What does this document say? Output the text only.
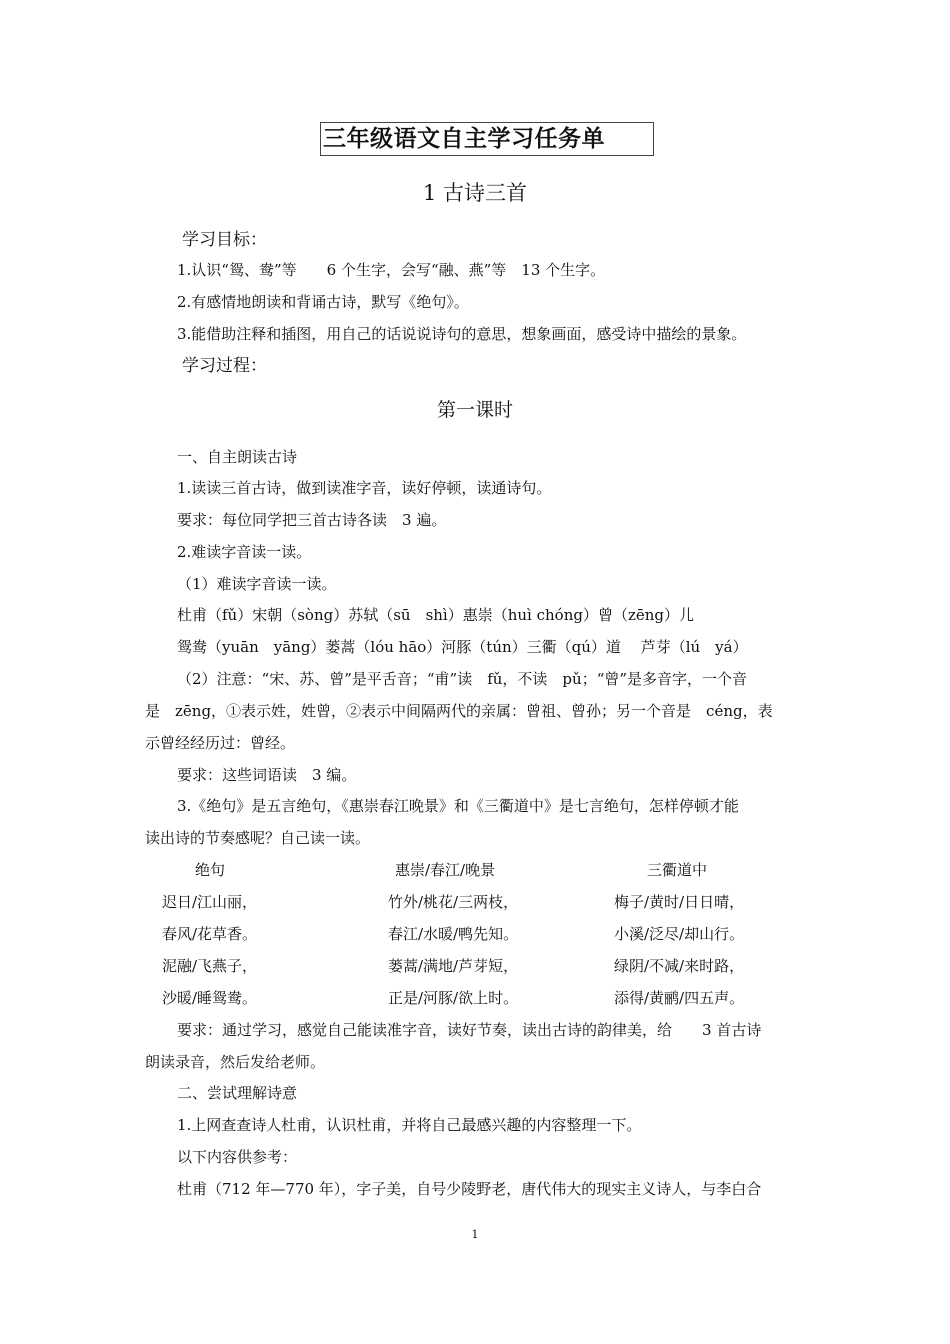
三年级语文自主学习任务单
1 古诗三首
学习目标：
1.认识“鸳、鸯”等　　6 个生字，会写“融、燕”等　13 个生字。
2.有感情地朗读和背诵古诗，默写《绝句》。
3.能借助注释和插图，用自己的话说说诗句的意思，想象画面，感受诗中描绘的景象。
学习过程：
第一课时
一、自主朗读古诗
1.读读三首古诗，做到读准字音，读好停顿，读通诗句。
要求：每位同学把三首古诗各读　3 遍。
2.难读字音读一读。
（1）难读字音读一读。
杜甫（fǔ）宋朝（sòng）苏轼（sū　shì）惠崇（huì chóng）曾（zēng）儿
鸳鸯（yuān　yāng）蒌蒿（lóu hāo）河豚（tún）三衢（qú）道　 芦芽（lú　yá）
（2）注意：“宋、苏、曾”是平舌音；“甫”读　fǔ，不读　pǔ；“曾”是多音字，一个音
是　zēng，①表示姓，姓曾，②表示中间隔两代的亲属：曾祖、曾孙；另一个音是　céng，表
示曾经经历过：曾经。
要求：这些词语读　3 编。
3.《绝句》是五言绝句，《惠崇春江晚景》和《三衢道中》是七言绝句，怎样停顿才能
读出诗的节奏感呢？自己读一读。
绝句	惠崇/春江/晚景	三衢道中
迟日/江山丽，
春风/花草香。
泥融/飞燕子，
沙暖/睡鸳鸯。
竹外/桃花/三两枝，
春江/水暖/鸭先知。
蒌蒿/满地/芦芽短，
正是/河豚/欲上时。
梅子/黄时/日日晴，
小溪/泛尽/却山行。
绿阴/不减/来时路，
添得/黄鹂/四五声。
要求：通过学习，感觉自己能读准字音，读好节奏，读出古诗的韵律美，给　　3 首古诗
朗读录音，然后发给老师。
二、尝试理解诗意
1.上网查查诗人杜甫，认识杜甫，并将自己最感兴趣的内容整理一下。
以下内容供参考：
杜甫（712 年—770 年），字子美，自号少陵野老，唐代伟大的现实主义诗人，与李白合
1
